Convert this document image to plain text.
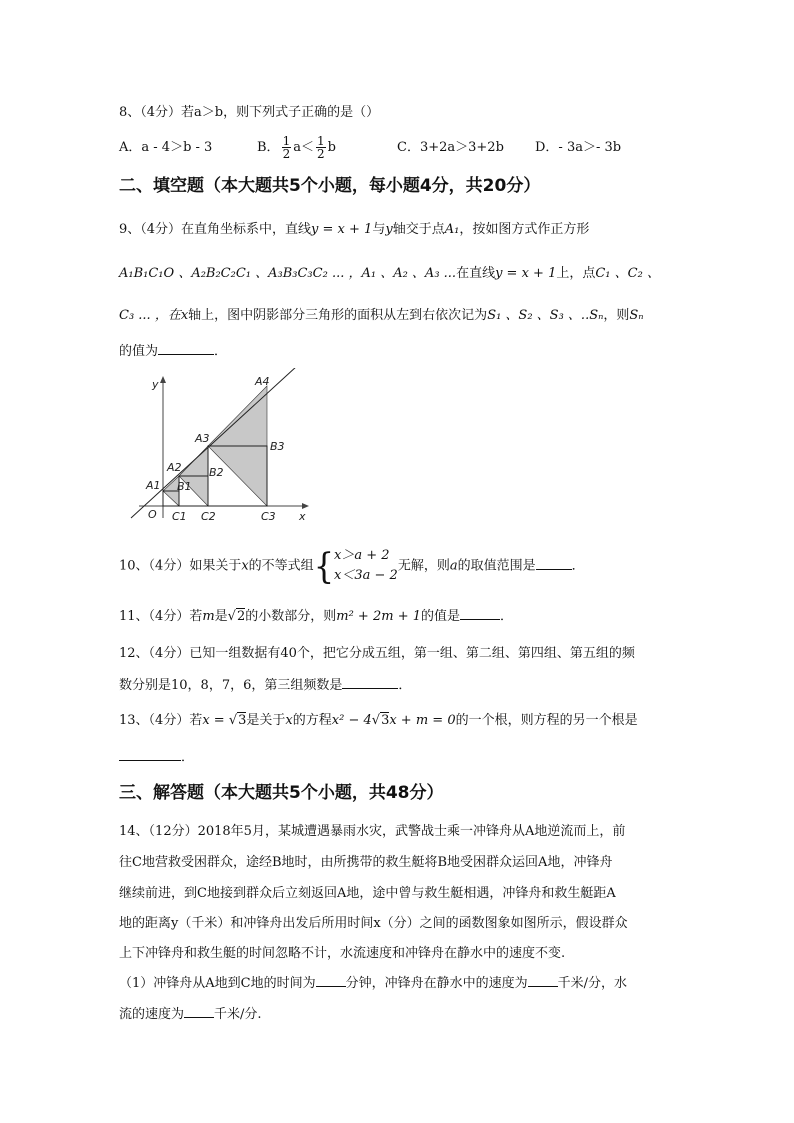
8、（4分）若a＞b，则下列式子正确的是（）
A．a - 4＞b - 3	B． $\frac{1}{2} a< \frac{1}{2}$ b	C．3+2a＞3+2b D．- 3a＞- 3b
二、填空题（本大题共5个小题，每小题4分，共20分）
9、（4分）在直角坐标系中，直线y = x + 1与y轴交于点A₁，按如图方式作正方形
A₁B₁C₁O 、A₂B₂C₂C₁ 、A₃B₃C₃C₂ ... ，A₁ 、A₂ 、A₃ ...在直线y = x + 1上，点C₁ 、C₂ 、
C₃ ... ，在x轴上，图中阴影部分三角形的面积从左到右依次记为S₁ 、S₂ 、S₃ 、..Sₙ，则Sₙ
的值为	．
y
x
O
A1 B1
C1
A2 B2
C2
A3
B3
C3
A4
10、（4分）如果关于x的不等式组{ x＞a + 2
x＜3a − 2
无解，则a的取值范围是	．
11、（4分）若m是√2的小数部分，则m² + 2m + 1的值是	．
12、（4分）已知一组数据有40个，把它分成五组，第一组、第二组、第四组、第五组的频
数分别是10，8，7，6，第三组频数是	．
13、（4分）若x = √3是关于x的方程x² − 4√3x + m = 0的一个根，则方程的另一个根是
．
三、解答题（本大题共5个小题，共48分）
14、（12分）2018年5月，某城遭遇暴雨水灾，武警战士乘一冲锋舟从A地逆流而上，前
往C地营救受困群众，途经B地时，由所携带的救生艇将B地受困群众运回A地，冲锋舟
继续前进，到C地接到群众后立刻返回A地，途中曾与救生艇相遇，冲锋舟和救生艇距A
地的距离y（千米）和冲锋舟出发后所用时间x（分）之间的函数图象如图所示，假设群众
上下冲锋舟和救生艇的时间忽略不计，水流速度和冲锋舟在静水中的速度不变.
（1）冲锋舟从A地到C地的时间为 分钟，冲锋舟在静水中的速度为 千米/分，水
流的速度为 千米/分.
